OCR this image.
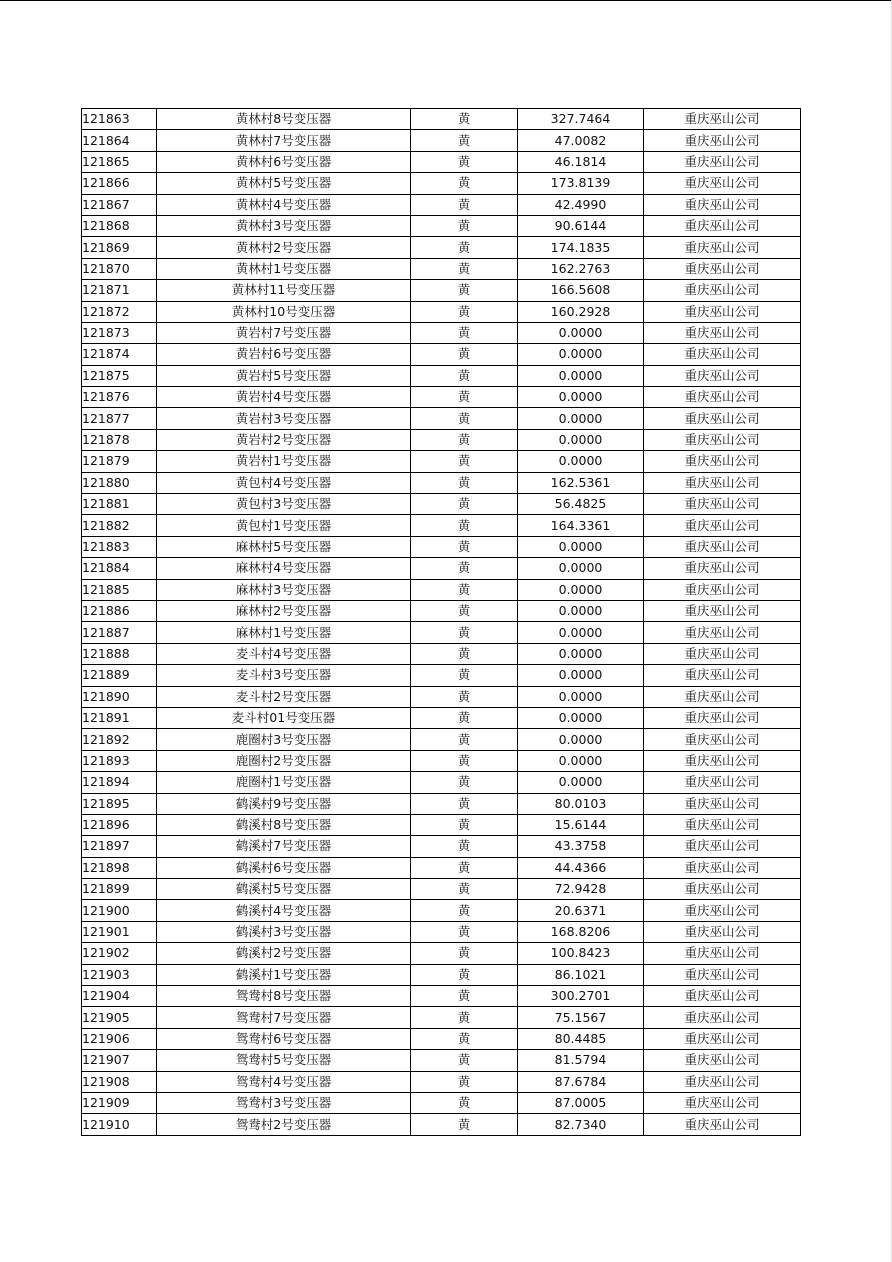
121863	黄林村8号变压器	黄	327.7464	重庆巫山公司
121864	黄林村7号变压器	黄	47.0082	重庆巫山公司
121865	黄林村6号变压器	黄	46.1814	重庆巫山公司
121866	黄林村5号变压器	黄	173.8139	重庆巫山公司
121867	黄林村4号变压器	黄	42.4990	重庆巫山公司
121868	黄林村3号变压器	黄	90.6144	重庆巫山公司
121869	黄林村2号变压器	黄	174.1835	重庆巫山公司
121870	黄林村1号变压器	黄	162.2763	重庆巫山公司
121871	黄林村11号变压器	黄	166.5608	重庆巫山公司
121872	黄林村10号变压器	黄	160.2928	重庆巫山公司
121873	黄岩村7号变压器	黄	0.0000	重庆巫山公司
121874	黄岩村6号变压器	黄	0.0000	重庆巫山公司
121875	黄岩村5号变压器	黄	0.0000	重庆巫山公司
121876	黄岩村4号变压器	黄	0.0000	重庆巫山公司
121877	黄岩村3号变压器	黄	0.0000	重庆巫山公司
121878	黄岩村2号变压器	黄	0.0000	重庆巫山公司
121879	黄岩村1号变压器	黄	0.0000	重庆巫山公司
121880	黄包村4号变压器	黄	162.5361	重庆巫山公司
121881	黄包村3号变压器	黄	56.4825	重庆巫山公司
121882	黄包村1号变压器	黄	164.3361	重庆巫山公司
121883	麻林村5号变压器	黄	0.0000	重庆巫山公司
121884	麻林村4号变压器	黄	0.0000	重庆巫山公司
121885	麻林村3号变压器	黄	0.0000	重庆巫山公司
121886	麻林村2号变压器	黄	0.0000	重庆巫山公司
121887	麻林村1号变压器	黄	0.0000	重庆巫山公司
121888	麦斗村4号变压器	黄	0.0000	重庆巫山公司
121889	麦斗村3号变压器	黄	0.0000	重庆巫山公司
121890	麦斗村2号变压器	黄	0.0000	重庆巫山公司
121891	麦斗村01号变压器	黄	0.0000	重庆巫山公司
121892	鹿圈村3号变压器	黄	0.0000	重庆巫山公司
121893	鹿圈村2号变压器	黄	0.0000	重庆巫山公司
121894	鹿圈村1号变压器	黄	0.0000	重庆巫山公司
121895	鹤溪村9号变压器	黄	80.0103	重庆巫山公司
121896	鹤溪村8号变压器	黄	15.6144	重庆巫山公司
121897	鹤溪村7号变压器	黄	43.3758	重庆巫山公司
121898	鹤溪村6号变压器	黄	44.4366	重庆巫山公司
121899	鹤溪村5号变压器	黄	72.9428	重庆巫山公司
121900	鹤溪村4号变压器	黄	20.6371	重庆巫山公司
121901	鹤溪村3号变压器	黄	168.8206	重庆巫山公司
121902	鹤溪村2号变压器	黄	100.8423	重庆巫山公司
121903	鹤溪村1号变压器	黄	86.1021	重庆巫山公司
121904	鸳鸯村8号变压器	黄	300.2701	重庆巫山公司
121905	鸳鸯村7号变压器	黄	75.1567	重庆巫山公司
121906	鸳鸯村6号变压器	黄	80.4485	重庆巫山公司
121907	鸳鸯村5号变压器	黄	81.5794	重庆巫山公司
121908	鸳鸯村4号变压器	黄	87.6784	重庆巫山公司
121909	鸳鸯村3号变压器	黄	87.0005	重庆巫山公司
121910	鸳鸯村2号变压器	黄	82.7340	重庆巫山公司
